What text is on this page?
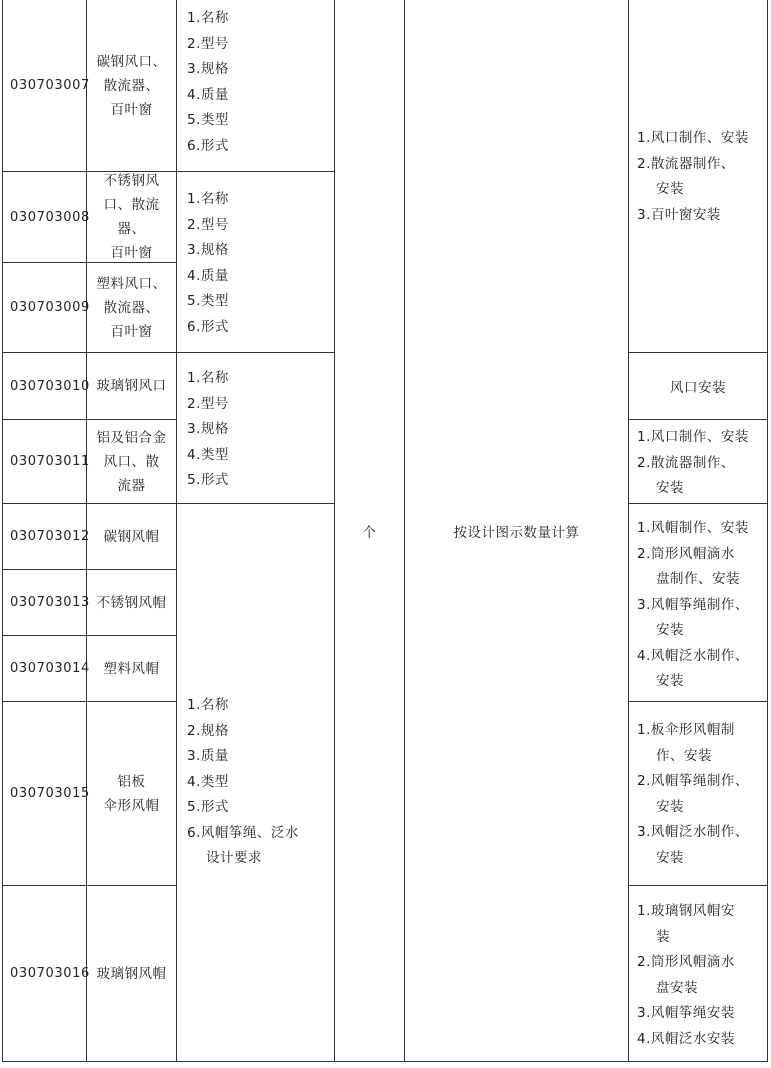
030703007
030703008
030703009
030703010
030703011
030703012
030703013
030703014
030703015
030703016
碳钢风口、
散流器、
百叶窗
不锈钢风
口、散流器、
百叶窗
塑料风口、
散流器、
百叶窗
玻璃钢风口
铝及铝合金
风口、散
流器
碳钢风帽
不锈钢风帽
塑料风帽
铝板
伞形风帽
玻璃钢风帽
1.名称
2.型号
3.规格
4.质量
5.类型
6.形式
1.名称
2.型号
3.规格
4.质量
5.类型
6.形式
1.名称
2.型号
3.规格
4.类型
5.形式
1.名称
2.规格
3.质量
4.类型
5.形式
6.风帽筝绳、泛水
设计要求
个	按设计图示数量计算
1.风口制作、安装
2.散流器制作、
安装
3.百叶窗安装
风口安装
1.风口制作、安装
2.散流器制作、
安装
1.风帽制作、安装
2.筒形风帽滴水
盘制作、安装
3.风帽筝绳制作、
安装
4.风帽泛水制作、
安装
1.板伞形风帽制
作、安装
2.风帽筝绳制作、
安装
3.风帽泛水制作、
安装
1.玻璃钢风帽安
装
2.筒形风帽滴水
盘安装
3.风帽筝绳安装
4.风帽泛水安装
